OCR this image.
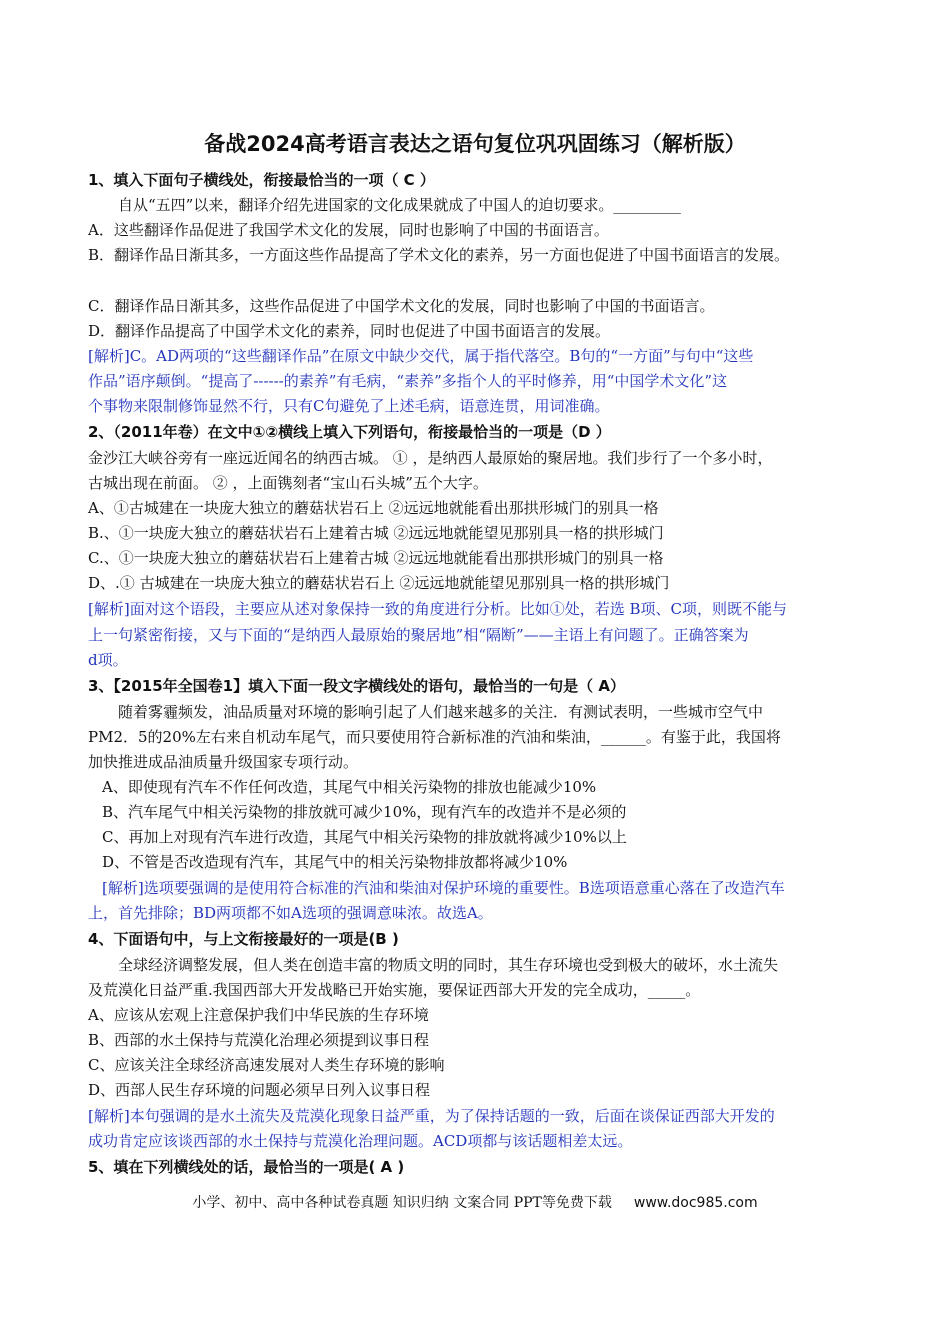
备战2024高考语言表达之语句复位巩巩固练习（解析版）
1、填入下面句子横线处，衔接最恰当的一项（ C ）
自从“五四”以来，翻译介绍先进国家的文化成果就成了中国人的迫切要求。_________
A．这些翻译作品促进了我国学术文化的发展，同时也影响了中国的书面语言。
B．翻译作品日渐其多，一方面这些作品提高了学术文化的素养，另一方面也促进了中国书面语言的发展。
C．翻译作品日渐其多，这些作品促进了中国学术文化的发展，同时也影响了中国的书面语言。
D．翻译作品提高了中国学术文化的素养，同时也促进了中国书面语言的发展。
[解析]C。AD两项的“这些翻译作品”在原文中缺少交代，属于指代落空。B句的“一方面”与句中“这些
作品”语序颠倒。“提高了------的素养”有毛病，“素养”多指个人的平时修养，用“中国学术文化”这
个事物来限制修饰显然不行，只有C句避免了上述毛病，语意连贯，用词准确。
2、（2011年卷）在文中①②横线上填入下列语句，衔接最恰当的一项是（D ）
金沙江大峡谷旁有一座远近闻名的纳西古城。 ① ，是纳西人最原始的聚居地。我们步行了一个多小时，
古城出现在前面。 ② ，上面镌刻者“宝山石头城”五个大字。
A、①古城建在一块庞大独立的蘑菇状岩石上 ②远远地就能看出那拱形城门的别具一格
B.、①一块庞大独立的蘑菇状岩石上建着古城 ②远远地就能望见那别具一格的拱形城门
C.、①一块庞大独立的蘑菇状岩石上建着古城 ②远远地就能看出那拱形城门的别具一格
D、.① 古城建在一块庞大独立的蘑菇状岩石上 ②远远地就能望见那别具一格的拱形城门
[解析]面对这个语段，主要应从述对象保持一致的角度进行分析。比如①处，若选 B项、C项，则既不能与
上一句紧密衔接，又与下面的“是纳西人最原始的聚居地”相“隔断”——主语上有问题了。正确答案为
d项。
3、【2015年全国卷1】填入下面一段文字横线处的语句，最恰当的一句是（ A）
随着雾霾频发，油品质量对环境的影响引起了人们越来越多的关注．有测试表明，一些城市空气中
PM2．5的20%左右来自机动车尾气，而只要使用符合新标准的汽油和柴油，______。有鉴于此，我国将
加快推进成品油质量升级国家专项行动。
A、即使现有汽车不作任何改造，其尾气中相关污染物的排放也能减少10%
B、汽车尾气中相关污染物的排放就可减少10%，现有汽车的改造并不是必须的
C、再加上对现有汽车进行改造，其尾气中相关污染物的排放就将减少10%以上
D、不管是否改造现有汽车，其尾气中的相关污染物排放都将减少10%
[解析]选项要强调的是使用符合标准的汽油和柴油对保护环境的重要性。B选项语意重心落在了改造汽车
上，首先排除；BD两项都不如A选项的强调意味浓。故选A。
4、下面语句中，与上文衔接最好的一项是(B )
全球经济调整发展，但人类在创造丰富的物质文明的同时，其生存环境也受到极大的破坏，水土流失
及荒漠化日益严重.我国西部大开发战略已开始实施，要保证西部大开发的完全成功，_____。
A、应该从宏观上注意保护我们中华民族的生存环境
B、西部的水土保持与荒漠化治理必须提到议事日程
C、应该关注全球经济高速发展对人类生存环境的影响
D、西部人民生存环境的问题必须早日列入议事日程
[解析]本句强调的是水土流失及荒漠化现象日益严重，为了保持话题的一致，后面在谈保证西部大开发的
成功肯定应该谈西部的水土保持与荒漠化治理问题。ACD项都与该话题相差太远。
5、填在下列横线处的话，最恰当的一项是( A )
小学、初中、高中各种试卷真题 知识归纳 文案合同 PPT等免费下载 www.doc985.com
